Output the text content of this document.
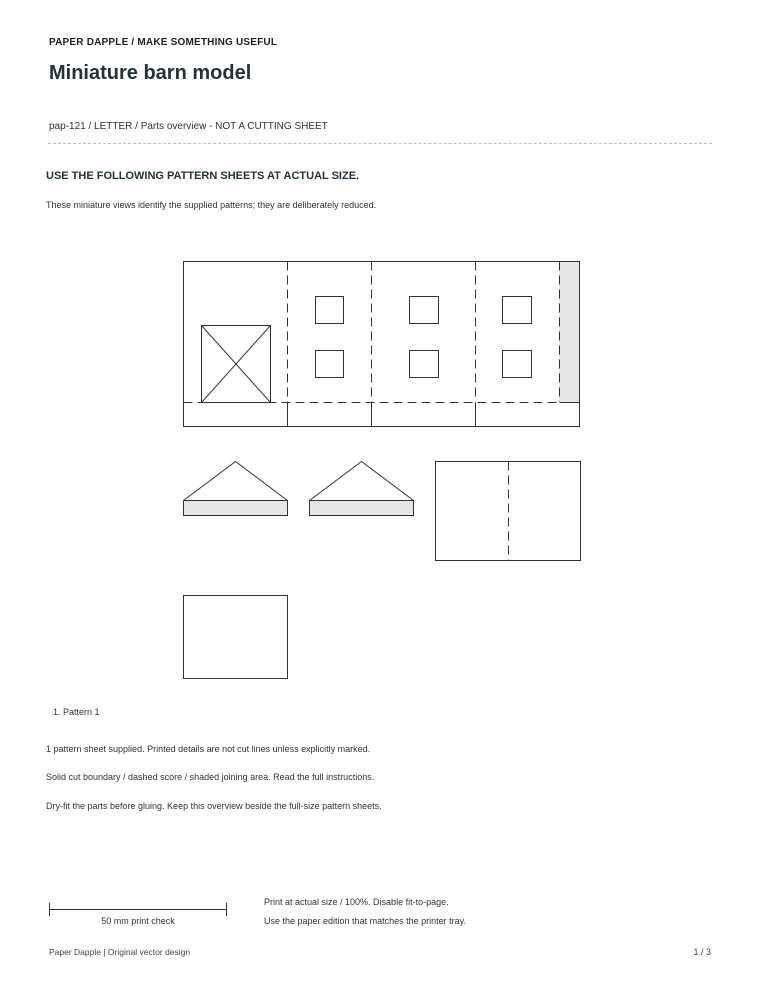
PAPER DAPPLE / MAKE SOMETHING USEFUL
Miniature barn model
pap-121 / LETTER / Parts overview - NOT A CUTTING SHEET
USE THE FOLLOWING PATTERN SHEETS AT ACTUAL SIZE.
These miniature views identify the supplied patterns; they are deliberately reduced.
1. Pattern 1
1 pattern sheet supplied. Printed details are not cut lines unless explicitly marked.
Solid cut boundary / dashed score / shaded joining area. Read the full instructions.
Dry-fit the parts before gluing. Keep this overview beside the full-size pattern sheets.
50 mm print check
Print at actual size / 100%. Disable fit-to-page.
Use the paper edition that matches the printer tray.
Paper Dapple | Original vector design	1 / 3
